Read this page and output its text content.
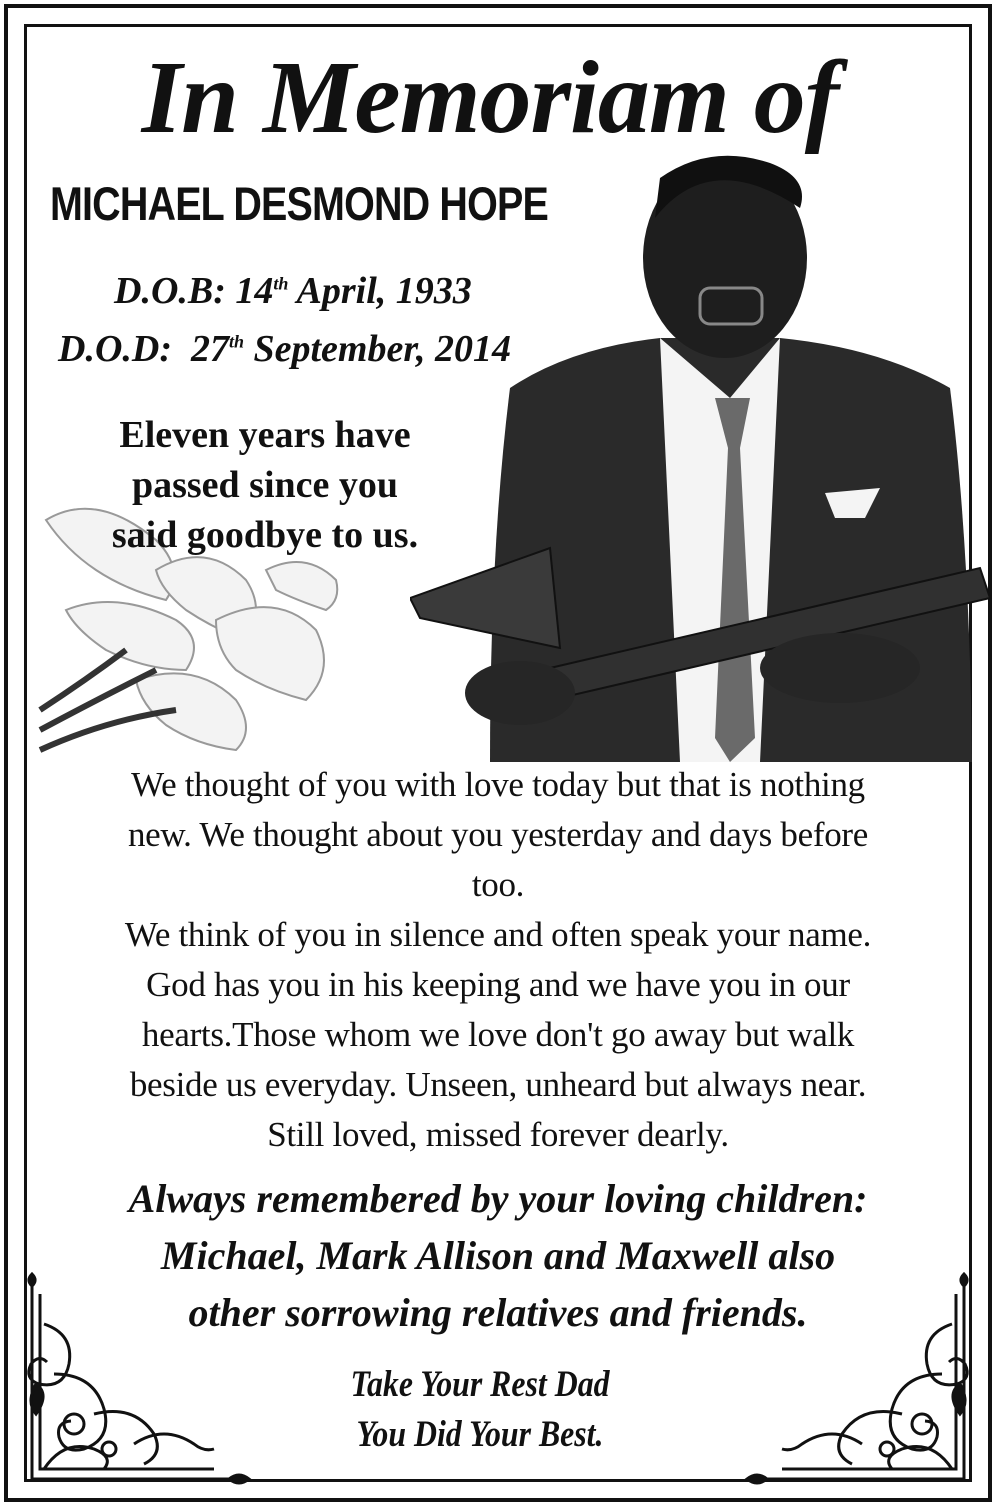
In Memoriam of
MICHAEL DESMOND HOPE
D.O.B: 14th April, 1933
D.O.D: 27th September, 2014
Eleven years have
passed since you
said goodbye to us.
We thought of you with love today but that is nothing
new. We thought about you yesterday and days before
too.
We think of you in silence and often speak your name.
God has you in his keeping and we have you in our
hearts.Those whom we love don't go away but walk
beside us everyday. Unseen, unheard but always near.
Still loved, missed forever dearly.
Always remembered by your loving children:
Michael, Mark Allison and Maxwell also
other sorrowing relatives and friends.
Take Your Rest Dad
You Did Your Best.
